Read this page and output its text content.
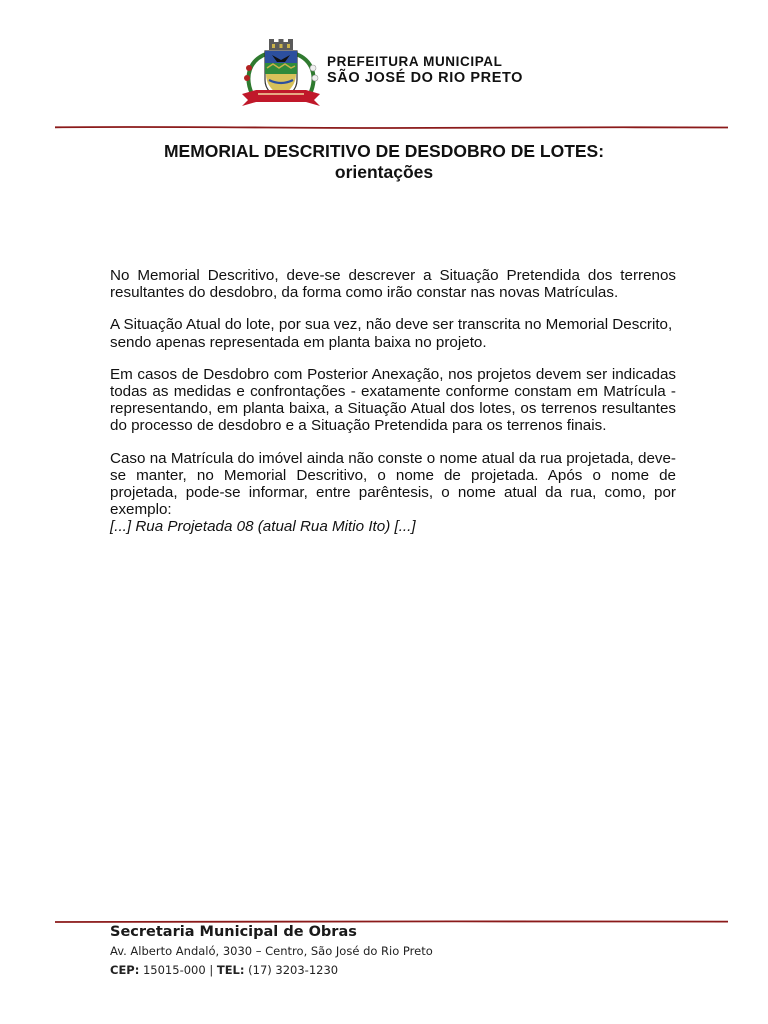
PREFEITURA MUNICIPAL
SÃO JOSÉ DO RIO PRETO
MEMORIAL DESCRITIVO DE DESDOBRO DE LOTES:
orientações

No Memorial Descritivo, deve-se descrever a Situação Pretendida dos terrenos resultantes do desdobro, da forma como irão constar nas novas Matrículas.

A Situação Atual do lote, por sua vez, não deve ser transcrita no Memorial Descrito, sendo apenas representada em planta baixa no projeto.

Em casos de Desdobro com Posterior Anexação, nos projetos devem ser indicadas todas as medidas e confrontações - exatamente conforme constam em Matrícula - representando, em planta baixa, a Situação Atual dos lotes, os terrenos resultantes do processo de desdobro e a Situação Pretendida para os terrenos finais.

Caso na Matrícula do imóvel ainda não conste o nome atual da rua projetada, deve-se manter, no Memorial Descritivo, o nome de projetada. Após o nome de projetada, pode-se informar, entre parêntesis, o nome atual da rua, como, por exemplo:
[...] Rua Projetada 08 (atual Rua Mitio Ito) [...]

Secretaria Municipal de Obras
Av. Alberto Andaló, 3030 – Centro, São José do Rio Preto
CEP: 15015-000 | TEL: (17) 3203-1230
